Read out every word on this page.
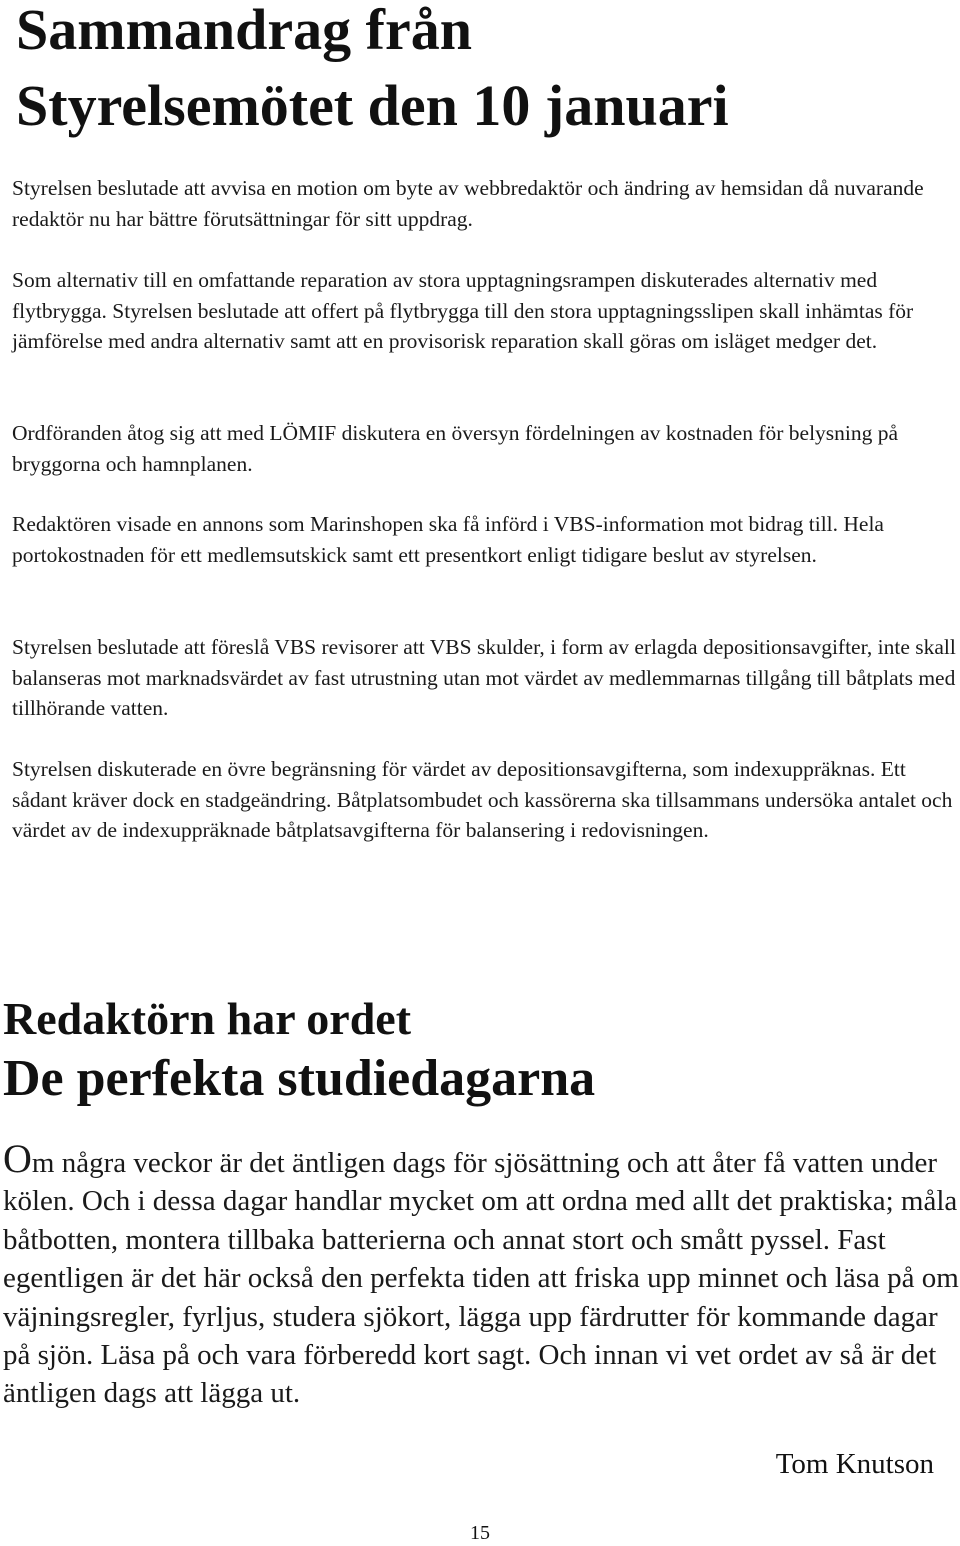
Sammandrag från
Styrelsemötet den 10 januari

Styrelsen beslutade att avvisa en motion om byte av webbredaktör och ändring av hemsidan då nuvarande redaktör nu har bättre förutsättningar för sitt uppdrag.

Som alternativ till en omfattande reparation av stora upptagningsrampen diskuterades alternativ med flytbrygga. Styrelsen beslutade att offert på flytbrygga till den stora upptagningsslipen skall inhämtas för jämförelse med andra alternativ samt att en provisorisk reparation skall göras om isläget medger det.

Ordföranden åtog sig att med LÖMIF diskutera en översyn fördelningen av kostnaden för belysning på bryggorna och hamnplanen.

Redaktören visade en annons som Marinshopen ska få införd i VBS-information mot bidrag till. Hela portokostnaden för ett medlemsutskick samt ett presentkort enligt tidigare beslut av styrelsen.

Styrelsen beslutade att föreslå VBS revisorer att VBS skulder, i form av erlagda depositionsavgifter, inte skall balanseras mot marknadsvärdet av fast utrustning utan mot värdet av medlemmarnas tillgång till båtplats med tillhörande vatten.

Styrelsen diskuterade en övre begränsning för värdet av depositionsavgifterna, som indexuppräknas. Ett sådant kräver dock en stadgeändring. Båtplatsombudet och kassörerna ska tillsammans undersöka antalet och värdet av de indexuppräknade båtplatsavgifterna för balansering i redovisningen.

Redaktörn har ordet
De perfekta studiedagarna

Om några veckor är det äntligen dags för sjösättning och att åter få vatten under kölen. Och i dessa dagar handlar mycket om att ordna med allt det praktiska; måla båtbotten, montera tillbaka batterierna och annat stort och smått pyssel. Fast egentligen är det här också den perfekta tiden att friska upp minnet och läsa på om väjningsregler, fyrljus, studera sjökort, lägga upp färdrutter för kommande dagar på sjön. Läsa på och vara förberedd kort sagt. Och innan vi vet ordet av så är det äntligen dags att lägga ut.

Tom Knutson

15
